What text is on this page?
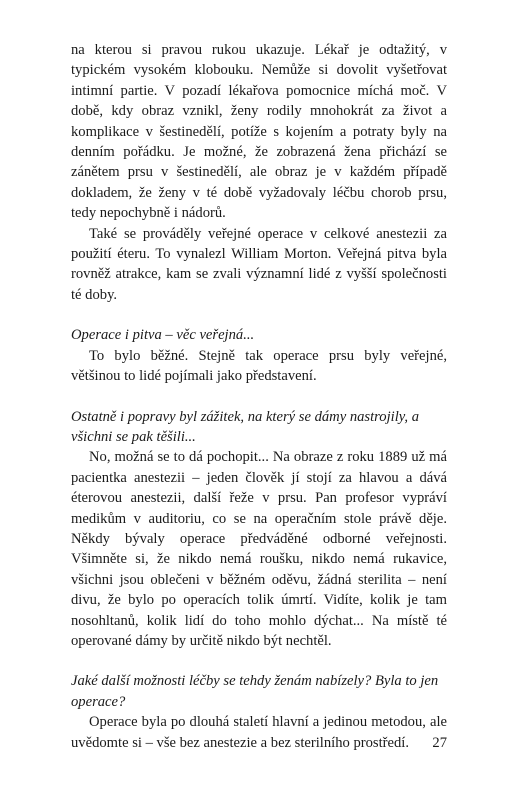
na kterou si pravou rukou ukazuje. Lékař je odtažitý, v typickém vysokém klobouku. Nemůže si dovolit vyšetřovat intimní partie. V pozadí lékařova pomocnice míchá moč. V době, kdy obraz vznikl, ženy rodily mnohokrát za život a komplikace v šestinedělí, potíže s kojením a potraty byly na denním pořádku. Je možné, že zobrazená žena přichází se zánětem prsu v šestinedělí, ale obraz je v každém případě dokladem, že ženy v té době vyžadovaly léčbu chorob prsu, tedy nepochybně i nádorů.

Také se prováděly veřejné operace v celkové anestezii za použití éteru. To vynalezl William Morton. Veřejná pitva byla rovněž atrakce, kam se zvali významní lidé z vyšší společnosti té doby.

Operace i pitva – věc veřejná...

To bylo běžné. Stejně tak operace prsu byly veřejné, většinou to lidé pojímali jako představení.

Ostatně i popravy byl zážitek, na který se dámy nastrojily, a všichni se pak těšili...

No, možná se to dá pochopit... Na obraze z roku 1889 už má pacientka anestezii – jeden člověk jí stojí za hlavou a dává éterovou anestezii, další řeže v prsu. Pan profesor vypráví medikům v auditoriu, co se na operačním stole právě děje. Někdy bývaly operace předváděné odborné veřejnosti. Všimněte si, že nikdo nemá roušku, nikdo nemá rukavice, všichni jsou oblečeni v běžném oděvu, žádná sterilita – není divu, že bylo po operacích tolik úmrtí. Vidíte, kolik je tam nosohltanů, kolik lidí do toho mohlo dýchat... Na místě té operované dámy by určitě nikdo být nechtěl.

Jaké další možnosti léčby se tehdy ženám nabízely? Byla to jen operace?

Operace byla po dlouhá staletí hlavní a jedinou metodou, ale uvědomte si – vše bez anestezie a bez sterilního prostředí.	27
